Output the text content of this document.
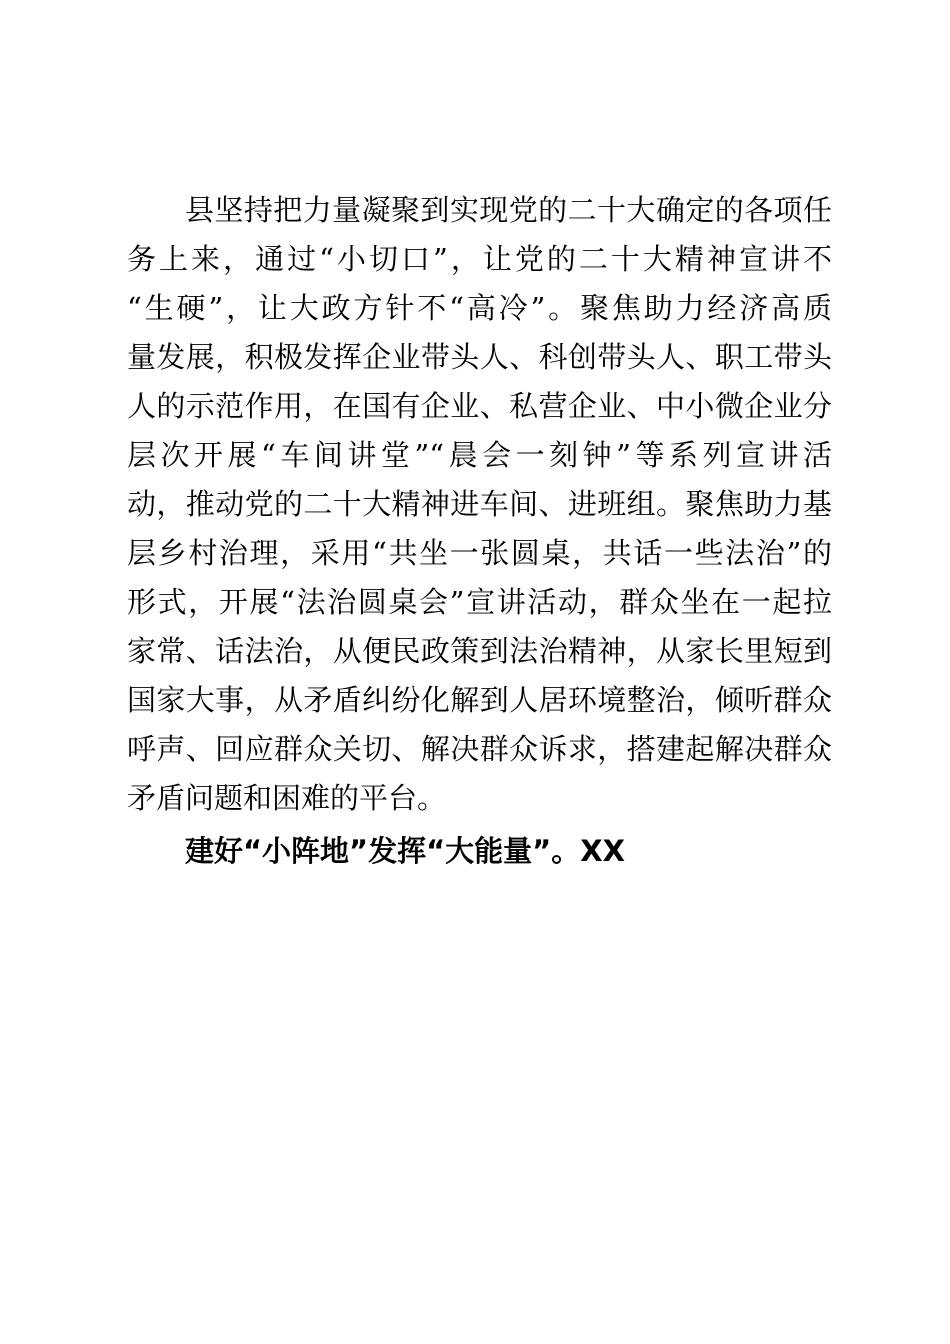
县坚持把力量凝聚到实现党的二十大确定的各项任
务上来，通过“小切口”，让党的二十大精神宣讲不
“生硬”，让大政方针不“高冷”。聚焦助力经济高质
量发展，积极发挥企业带头人、科创带头人、职工带头
人的示范作用，在国有企业、私营企业、中小微企业分
层次开展“车间讲堂”“晨会一刻钟”等系列宣讲活
动，推动党的二十大精神进车间、进班组。聚焦助力基
层乡村治理，采用“共坐一张圆桌，共话一些法治”的
形式，开展“法治圆桌会”宣讲活动，群众坐在一起拉
家常、话法治，从便民政策到法治精神，从家长里短到
国家大事，从矛盾纠纷化解到人居环境整治，倾听群众
呼声、回应群众关切、解决群众诉求，搭建起解决群众
矛盾问题和困难的平台。
建好“小阵地”发挥“大能量”。XX
